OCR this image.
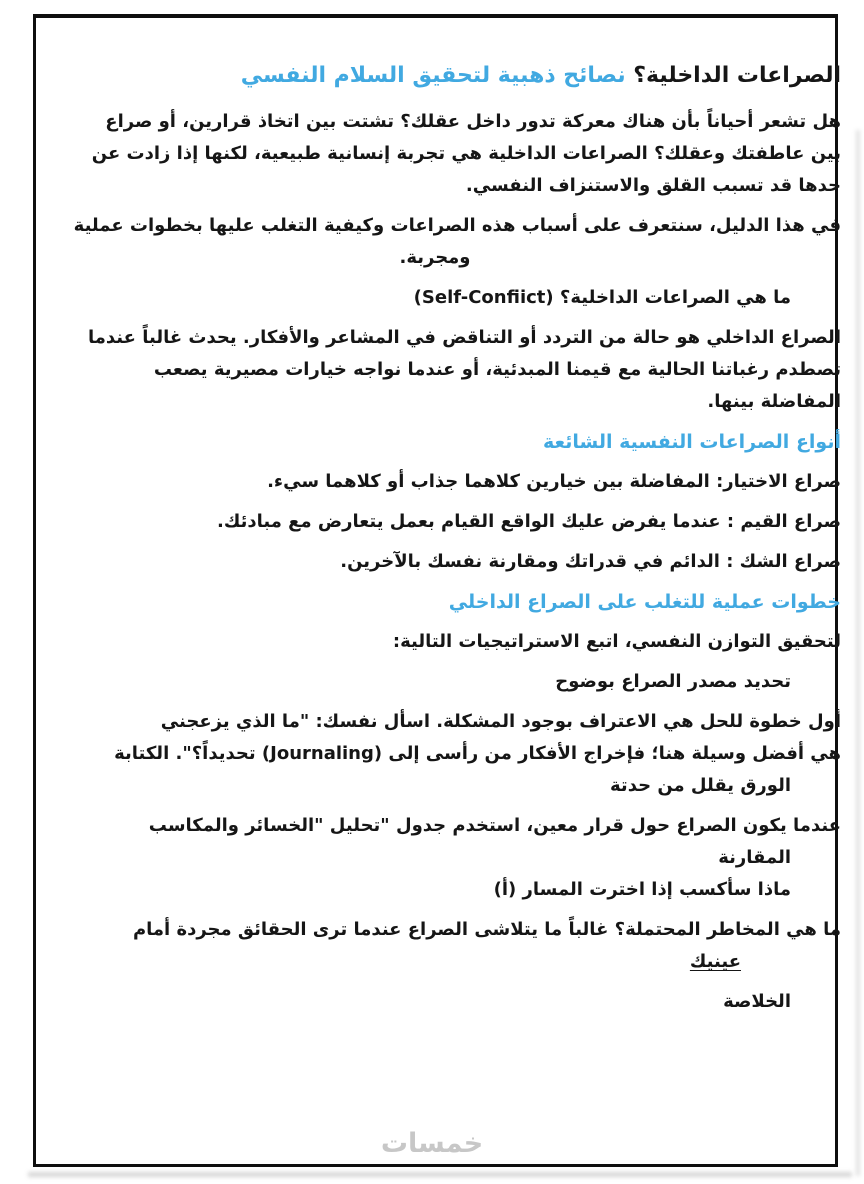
الصراعات الداخلية؟ نصائح ذهبية لتحقيق السلام النفسي
هل تشعر أحياناً بأن هناك معركة تدور داخل عقلك؟ تشتت بين اتخاذ قرارين، أو صراع
بين عاطفتك وعقلك؟ الصراعات الداخلية هي تجربة إنسانية طبيعية، لكنها إذا زادت عن
حدها قد تسبب القلق والاستنزاف النفسي.
في هذا الدليل، سنتعرف على أسباب هذه الصراعات وكيفية التغلب عليها بخطوات عملية
ومجربة.
ما هي الصراعات الداخلية؟ (Self-Confiict)
الصراع الداخلي هو حالة من التردد أو التناقض في المشاعر والأفكار. يحدث غالباً عندما
تصطدم رغباتنا الحالية مع قيمنا المبدئية، أو عندما نواجه خيارات مصيرية يصعب
المفاضلة بينها.
أنواع الصراعات النفسية الشائعة
صراع الاختيار: المفاضلة بين خيارين كلاهما جذاب أو كلاهما سيء.
صراع القيم : عندما يفرض عليك الواقع القيام بعمل يتعارض مع مبادئك.
صراع الشك : الدائم في قدراتك ومقارنة نفسك بالآخرين.
خطوات عملية للتغلب على الصراع الداخلي
لتحقيق التوازن النفسي، اتبع الاستراتيجيات التالية:
تحديد مصدر الصراع بوضوح
أول خطوة للحل هي الاعتراف بوجود المشكلة. اسأل نفسك: "ما الذي يزعجني
هي أفضل وسيلة هنا؛ فإخراج الأفكار من رأسى إلى (Journaling) تحديداً؟". الكتابة
الورق يقلل من حدتة
عندما يكون الصراع حول قرار معين، استخدم جدول "تحليل "الخسائر والمكاسب
المقارنة
ماذا سأكسب إذا اخترت المسار (أ)
ما هي المخاطر المحتملة؟ غالباً ما يتلاشى الصراع عندما ترى الحقائق مجردة أمام
عينيك
الخلاصة
خمسات
